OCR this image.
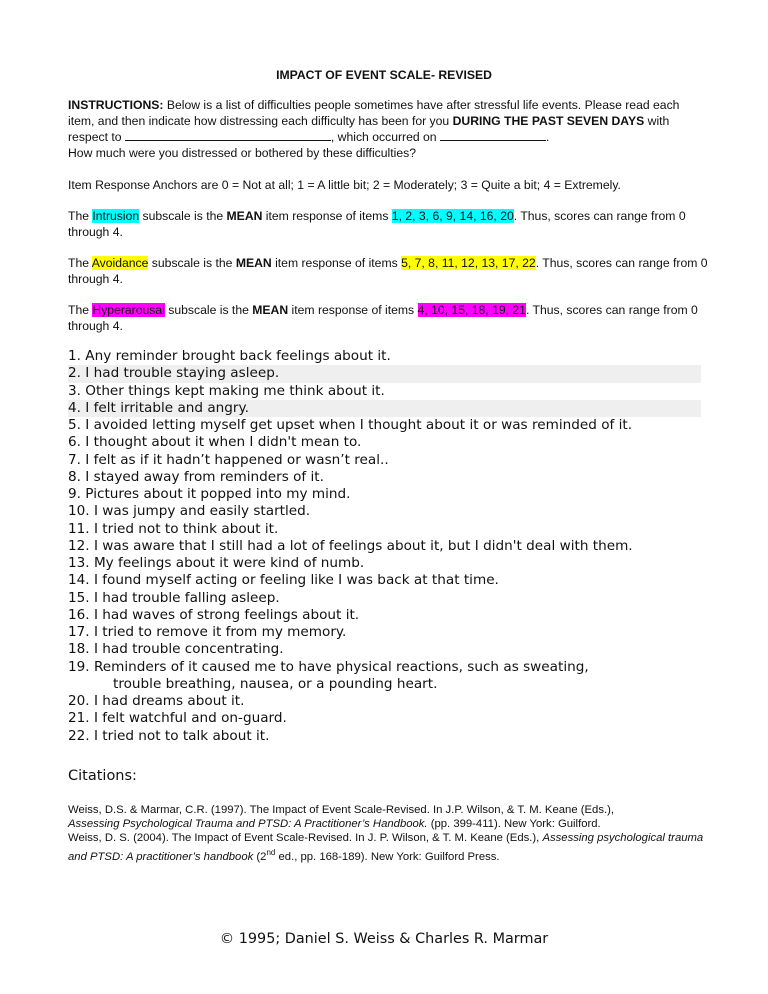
IMPACT OF EVENT SCALE- REVISED
INSTRUCTIONS: Below is a list of difficulties people sometimes have after stressful life events. Please read each item, and then indicate how distressing each difficulty has been for you DURING THE PAST SEVEN DAYS with respect to	, which occurred on	.
How much were you distressed or bothered by these difficulties?
Item Response Anchors are 0 = Not at all; 1 = A little bit; 2 = Moderately; 3 = Quite a bit; 4 = Extremely.
The Intrusion subscale is the MEAN item response of items 1, 2, 3, 6, 9, 14, 16, 20. Thus, scores can range from 0 through 4.
The Avoidance subscale is the MEAN item response of items 5, 7, 8, 11, 12, 13, 17, 22. Thus, scores can range from 0 through 4.
The Hyperarousal subscale is the MEAN item response of items 4, 10, 15, 18, 19, 21. Thus, scores can range from 0 through 4.
1. Any reminder brought back feelings about it.
2. I had trouble staying asleep.
3. Other things kept making me think about it.
4. I felt irritable and angry.
5. I avoided letting myself get upset when I thought about it or was reminded of it.
6. I thought about it when I didn't mean to.
7. I felt as if it hadn’t happened or wasn’t real..
8. I stayed away from reminders of it.
9. Pictures about it popped into my mind.
10. I was jumpy and easily startled.
11. I tried not to think about it.
12. I was aware that I still had a lot of feelings about it, but I didn't deal with them.
13. My feelings about it were kind of numb.
14. I found myself acting or feeling like I was back at that time.
15. I had trouble falling asleep.
16. I had waves of strong feelings about it.
17. I tried to remove it from my memory.
18. I had trouble concentrating.
19. Reminders of it caused me to have physical reactions, such as sweating,
trouble breathing, nausea, or a pounding heart.
20. I had dreams about it.
21. I felt watchful and on-guard.
22. I tried not to talk about it.
Citations:
Weiss, D.S. & Marmar, C.R. (1997). The Impact of Event Scale-Revised. In J.P. Wilson, & T. M. Keane (Eds.),
Assessing Psychological Trauma and PTSD: A Practitioner’s Handbook. (pp. 399-411). New York: Guilford.
Weiss, D. S. (2004). The Impact of Event Scale-Revised. In J. P. Wilson, & T. M. Keane (Eds.), Assessing psychological trauma and PTSD: A practitioner’s handbook (2nd ed., pp. 168-189). New York: Guilford Press.
© 1995; Daniel S. Weiss & Charles R. Marmar
